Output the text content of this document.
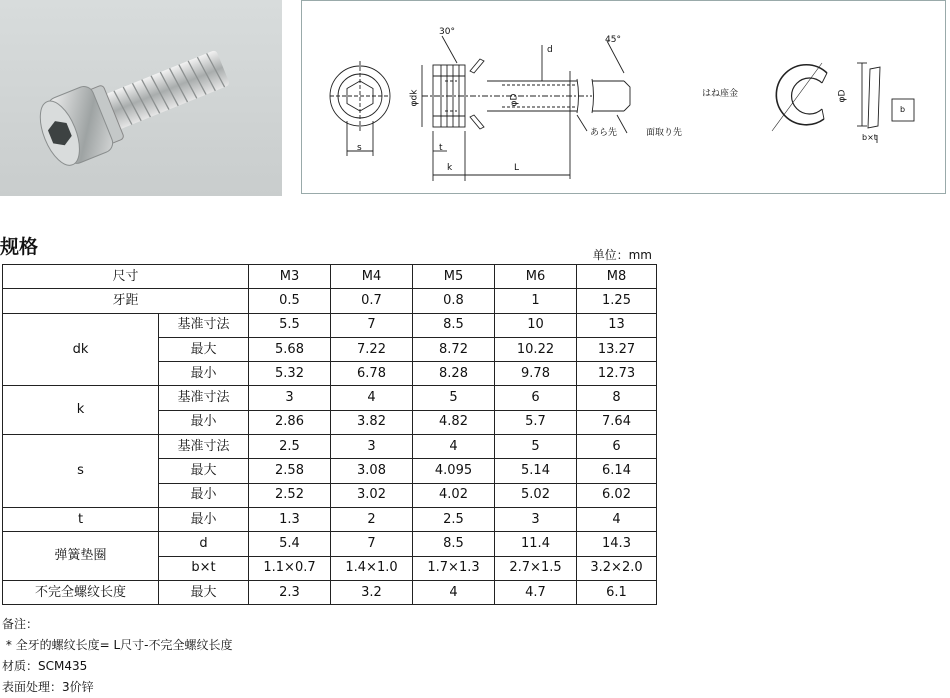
30°
45°
d
φdk	φD
s	t
k	L
あら先	面取り先
はね座金	φD
b
b×t
规格	单位：mm
尺寸		M3	M4	M5	M6	M8
牙距		0.5	0.7	0.8	1	1.25
dk	基准寸法	5.5	7	8.5	10	13
	最大	5.68	7.22	8.72	10.22	13.27
	最小	5.32	6.78	8.28	9.78	12.73
k	基准寸法	3	4	5	6	8
	最小	2.86	3.82	4.82	5.7	7.64
s	基准寸法	2.5	3	4	5	6
	最大	2.58	3.08	4.095	5.14	6.14
	最小	2.52	3.02	4.02	5.02	6.02
t	最小	1.3	2	2.5	3	4
弹簧垫圈	d	5.4	7	8.5	11.4	14.3
	b×t	1.1×0.7	1.4×1.0	1.7×1.3	2.7×1.5	3.2×2.0
不完全螺纹长度	最大	2.3	3.2	4	4.7	6.1
备注：
* 全牙的螺纹长度= L尺寸-不完全螺纹长度
材质：SCM435
表面处理：3价锌
